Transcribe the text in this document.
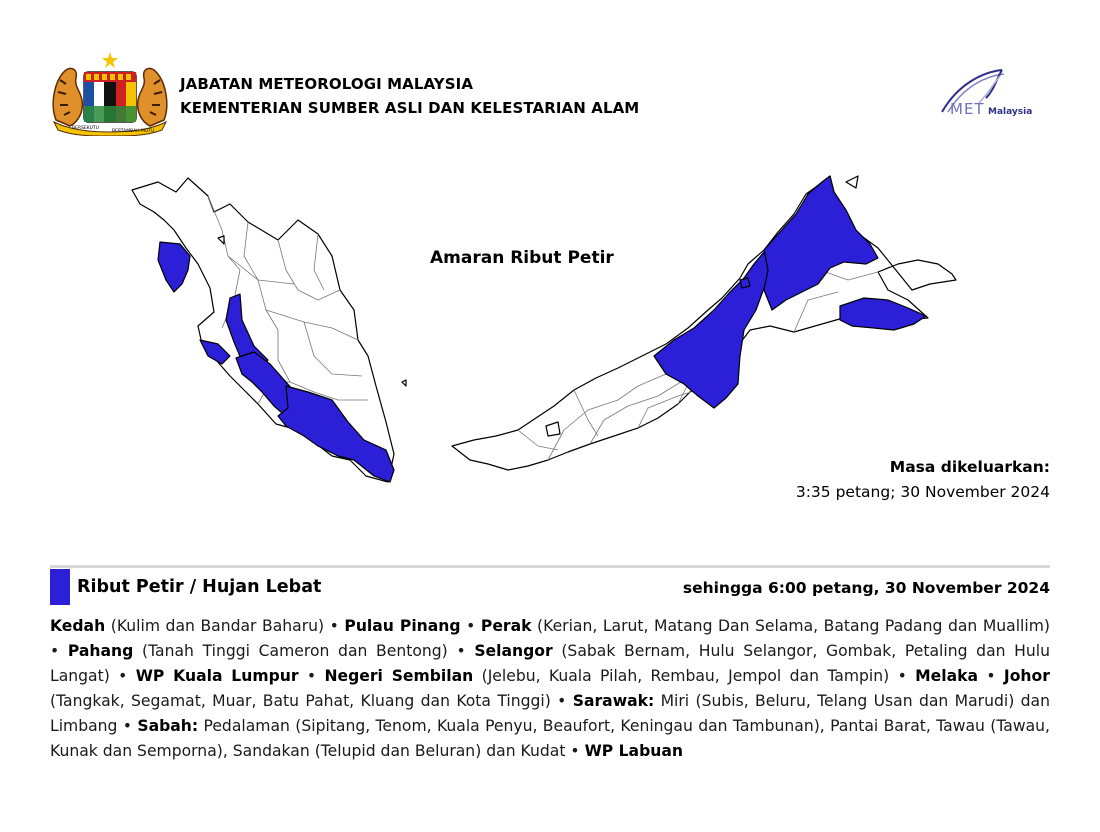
BERSEKUTU
BERTAMBAH MUTU
JABATAN METEOROLOGI MALAYSIA
KEMENTERIAN SUMBER ASLI DAN KELESTARIAN ALAM	MET Malaysia
Amaran Ribut Petir
Masa dikeluarkan:
3:35 petang; 30 November 2024
Ribut Petir / Hujan Lebat	sehingga 6:00 petang, 30 November 2024
Kedah (Kulim dan Bandar Baharu) • Pulau Pinang • Perak (Kerian, Larut, Matang Dan Selama, Batang Padang dan Muallim) • Pahang (Tanah Tinggi Cameron dan Bentong) • Selangor (Sabak Bernam, Hulu Selangor, Gombak, Petaling dan Hulu Langat) • WP Kuala Lumpur • Negeri Sembilan (Jelebu, Kuala Pilah, Rembau, Jempol dan Tampin) • Melaka • Johor (Tangkak, Segamat, Muar, Batu Pahat, Kluang dan Kota Tinggi) • Sarawak: Miri (Subis, Beluru, Telang Usan dan Marudi) dan Limbang • Sabah: Pedalaman (Sipitang, Tenom, Kuala Penyu, Beaufort, Keningau dan Tambunan), Pantai Barat, Tawau (Tawau, Kunak dan Semporna), Sandakan (Telupid dan Beluran) dan Kudat • WP Labuan
